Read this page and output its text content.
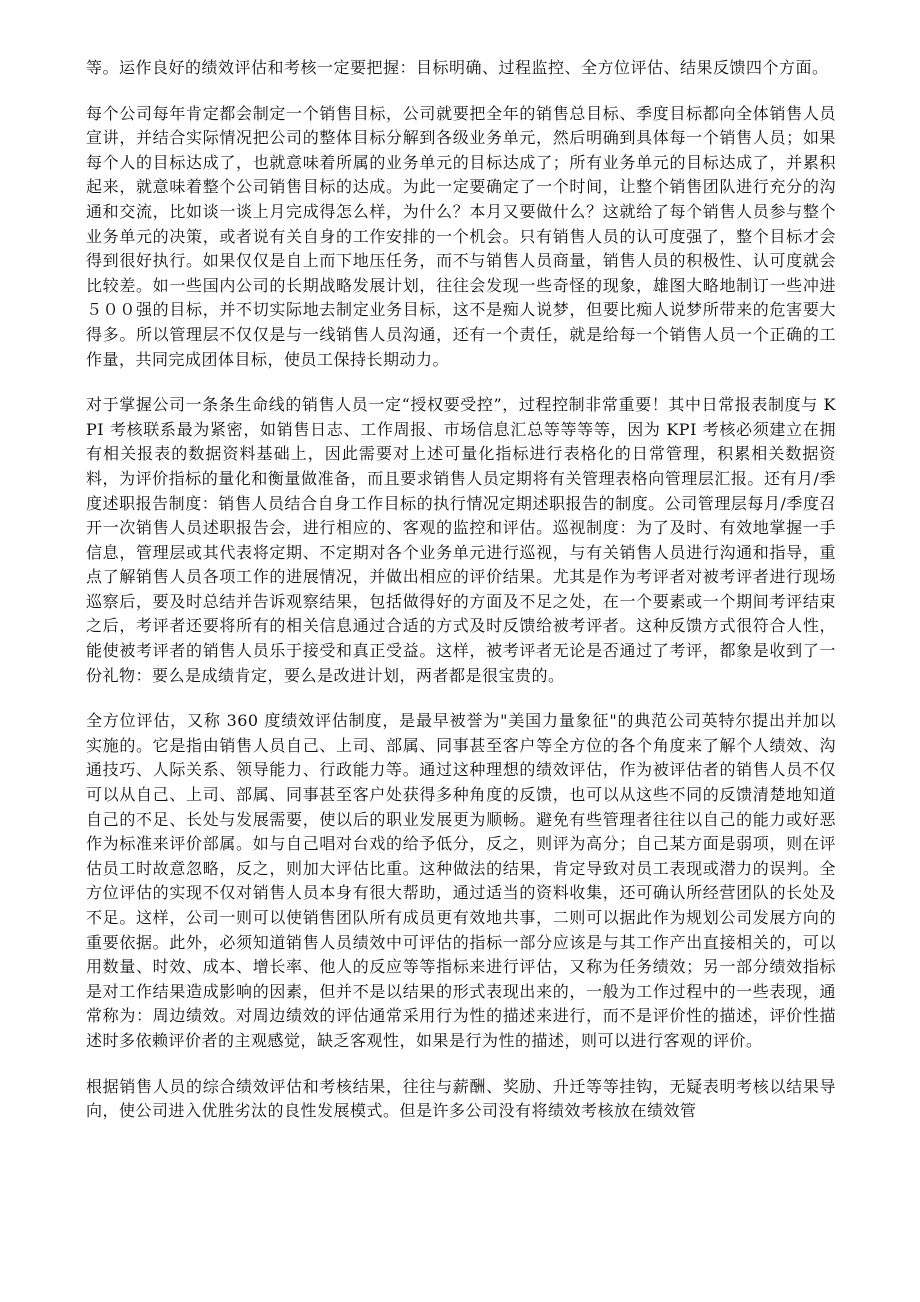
等。运作良好的绩效评估和考核一定要把握：目标明确、过程监控、全方位评估、结果反馈四个方面。

每个公司每年肯定都会制定一个销售目标，公司就要把全年的销售总目标、季度目标都向全体销售人员宣讲，并结合实际情况把公司的整体目标分解到各级业务单元，然后明确到具体每一个销售人员；如果每个人的目标达成了，也就意味着所属的业务单元的目标达成了；所有业务单元的目标达成了，并累积起来，就意味着整个公司销售目标的达成。为此一定要确定了一个时间，让整个销售团队进行充分的沟通和交流，比如谈一谈上月完成得怎么样，为什么？本月又要做什么？这就给了每个销售人员参与整个业务单元的决策，或者说有关自身的工作安排的一个机会。只有销售人员的认可度强了，整个目标才会得到很好执行。如果仅仅是自上而下地压任务，而不与销售人员商量，销售人员的积极性、认可度就会比较差。如一些国内公司的长期战略发展计划，往往会发现一些奇怪的现象，雄图大略地制订一些冲进５００强的目标，并不切实际地去制定业务目标，这不是痴人说梦，但要比痴人说梦所带来的危害要大得多。所以管理层不仅仅是与一线销售人员沟通，还有一个责任，就是给每一个销售人员一个正确的工作量，共同完成团体目标，使员工保持长期动力。

对于掌握公司一条条生命线的销售人员一定“授权要受控”，过程控制非常重要！其中日常报表制度与 KPI 考核联系最为紧密，如销售日志、工作周报、市场信息汇总等等等等，因为 KPI 考核必须建立在拥有相关报表的数据资料基础上，因此需要对上述可量化指标进行表格化的日常管理，积累相关数据资料，为评价指标的量化和衡量做准备，而且要求销售人员定期将有关管理表格向管理层汇报。还有月/季度述职报告制度：销售人员结合自身工作目标的执行情况定期述职报告的制度。公司管理层每月/季度召开一次销售人员述职报告会，进行相应的、客观的监控和评估。巡视制度：为了及时、有效地掌握一手信息，管理层或其代表将定期、不定期对各个业务单元进行巡视，与有关销售人员进行沟通和指导，重点了解销售人员各项工作的进展情况，并做出相应的评价结果。尤其是作为考评者对被考评者进行现场巡察后，要及时总结并告诉观察结果，包括做得好的方面及不足之处，在一个要素或一个期间考评结束之后，考评者还要将所有的相关信息通过合适的方式及时反馈给被考评者。这种反馈方式很符合人性，能使被考评者的销售人员乐于接受和真正受益。这样，被考评者无论是否通过了考评，都象是收到了一份礼物：要么是成绩肯定，要么是改进计划，两者都是很宝贵的。

全方位评估，又称 360 度绩效评估制度，是最早被誉为"美国力量象征"的典范公司英特尔提出并加以实施的。它是指由销售人员自己、上司、部属、同事甚至客户等全方位的各个角度来了解个人绩效、沟通技巧、人际关系、领导能力、行政能力等。通过这种理想的绩效评估，作为被评估者的销售人员不仅可以从自己、上司、部属、同事甚至客户处获得多种角度的反馈，也可以从这些不同的反馈清楚地知道自己的不足、长处与发展需要，使以后的职业发展更为顺畅。避免有些管理者往往以自己的能力或好恶作为标准来评价部属。如与自己唱对台戏的给予低分，反之，则评为高分；自己某方面是弱项，则在评估员工时故意忽略，反之，则加大评估比重。这种做法的结果，肯定导致对员工表现或潜力的误判。全方位评估的实现不仅对销售人员本身有很大帮助，通过适当的资料收集，还可确认所经营团队的长处及不足。这样，公司一则可以使销售团队所有成员更有效地共事，二则可以据此作为规划公司发展方向的重要依据。此外，必须知道销售人员绩效中可评估的指标一部分应该是与其工作产出直接相关的，可以用数量、时效、成本、增长率、他人的反应等等指标来进行评估，又称为任务绩效；另一部分绩效指标是对工作结果造成影响的因素，但并不是以结果的形式表现出来的，一般为工作过程中的一些表现，通常称为：周边绩效。对周边绩效的评估通常采用行为性的描述来进行，而不是评价性的描述，评价性描述时多依赖评价者的主观感觉，缺乏客观性，如果是行为性的描述，则可以进行客观的评价。

根据销售人员的综合绩效评估和考核结果，往往与薪酬、奖励、升迁等等挂钩，无疑表明考核以结果导向，使公司进入优胜劣汰的良性发展模式。但是许多公司没有将绩效考核放在绩效管
